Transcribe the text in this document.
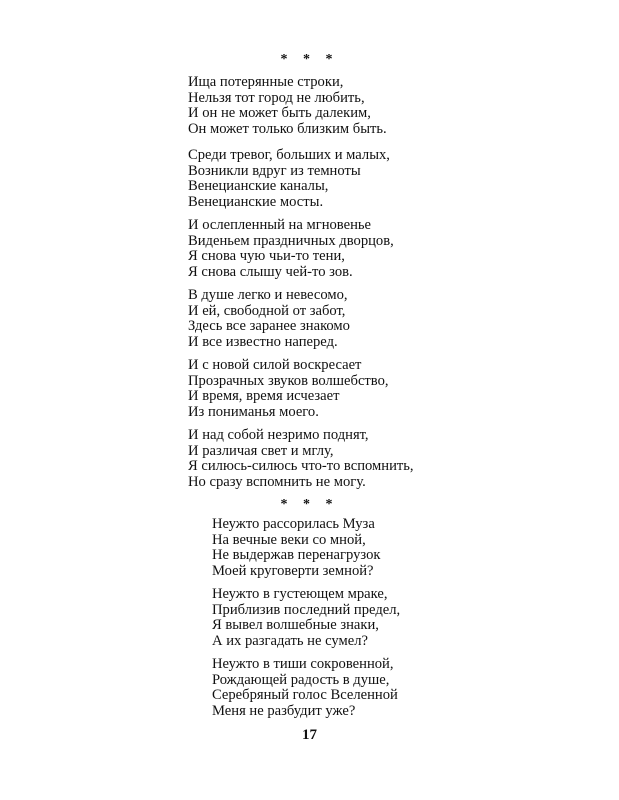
* * *
Ища потерянные строки,
Нельзя тот город не любить,
И он не может быть далеким,
Он может только близким быть.
Среди тревог, больших и малых,
Возникли вдруг из темноты
Венецианские каналы,
Венецианские мосты.
И ослепленный на мгновенье
Виденьем праздничных дворцов,
Я снова чую чьи-то тени,
Я снова слышу чей-то зов.
В душе легко и невесомо,
И ей, свободной от забот,
Здесь все заранее знакомо
И все известно наперед.
И с новой силой воскресает
Прозрачных звуков волшебство,
И время, время исчезает
Из пониманья моего.
И над собой незримо поднят,
И различая свет и мглу,
Я силюсь-силюсь что-то вспомнить,
Но сразу вспомнить не могу.
* * *
Неужто рассорилась Муза
На вечные веки со мной,
Не выдержав перенагрузок
Моей круговерти земной?
Неужто в густеющем мраке,
Приблизив последний предел,
Я вывел волшебные знаки,
А их разгадать не сумел?
Неужто в тиши сокровенной,
Рождающей радость в душе,
Серебряный голос Вселенной
Меня не разбудит уже?
17
